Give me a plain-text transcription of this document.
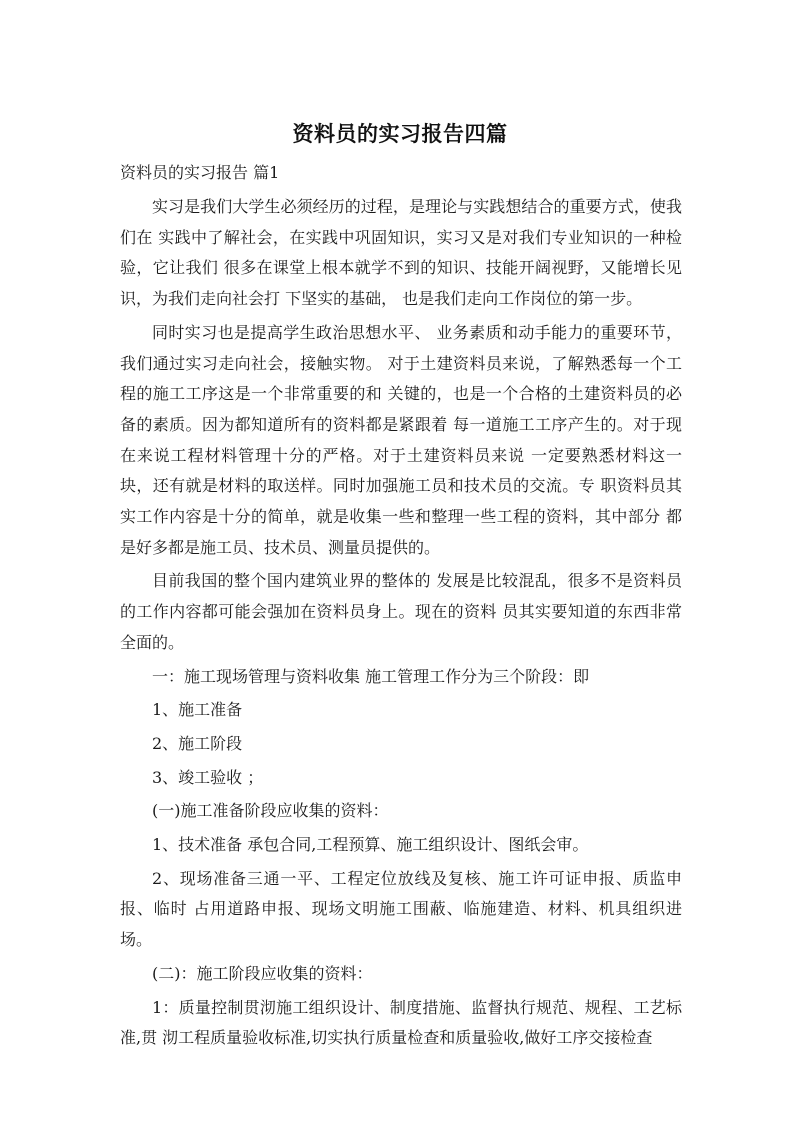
资料员的实习报告四篇
资料员的实习报告 篇1

实习是我们大学生必须经历的过程，是理论与实践想结合的重要方式，使我们在 实践中了解社会，在实践中巩固知识，实习又是对我们专业知识的一种检验，它让我们 很多在课堂上根本就学不到的知识、技能开阔视野，又能增长见识，为我们走向社会打 下坚实的基础， 也是我们走向工作岗位的第一步。

同时实习也是提高学生政治思想水平、 业务素质和动手能力的重要环节，我们通过实习走向社会，接触实物。 对于土建资料员来说，了解熟悉每一个工程的施工工序这是一个非常重要的和 关键的，也是一个合格的土建资料员的必备的素质。因为都知道所有的资料都是紧跟着 每一道施工工序产生的。对于现在来说工程材料管理十分的严格。对于土建资料员来说 一定要熟悉材料这一块，还有就是材料的取送样。同时加强施工员和技术员的交流。专 职资料员其实工作内容是十分的简单，就是收集一些和整理一些工程的资料，其中部分 都是好多都是施工员、技术员、测量员提供的。

目前我国的整个国内建筑业界的整体的 发展是比较混乱，很多不是资料员的工作内容都可能会强加在资料员身上。现在的资料 员其实要知道的东西非常全面的。

一：施工现场管理与资料收集 施工管理工作分为三个阶段：即

1、施工准备

2、施工阶段

3、竣工验收 ；

(一)施工准备阶段应收集的资料：

1、技术准备 承包合同,工程预算、施工组织设计、图纸会审。

2、现场准备三通一平、工程定位放线及复核、施工许可证申报、质监申报、临时 占用道路申报、现场文明施工围蔽、临施建造、材料、机具组织进场。

(二)：施工阶段应收集的资料：

1：质量控制贯沏施工组织设计、制度措施、监督执行规范、规程、工艺标准,贯 沏工程质量验收标准,切实执行质量检查和质量验收,做好工序交接检查
